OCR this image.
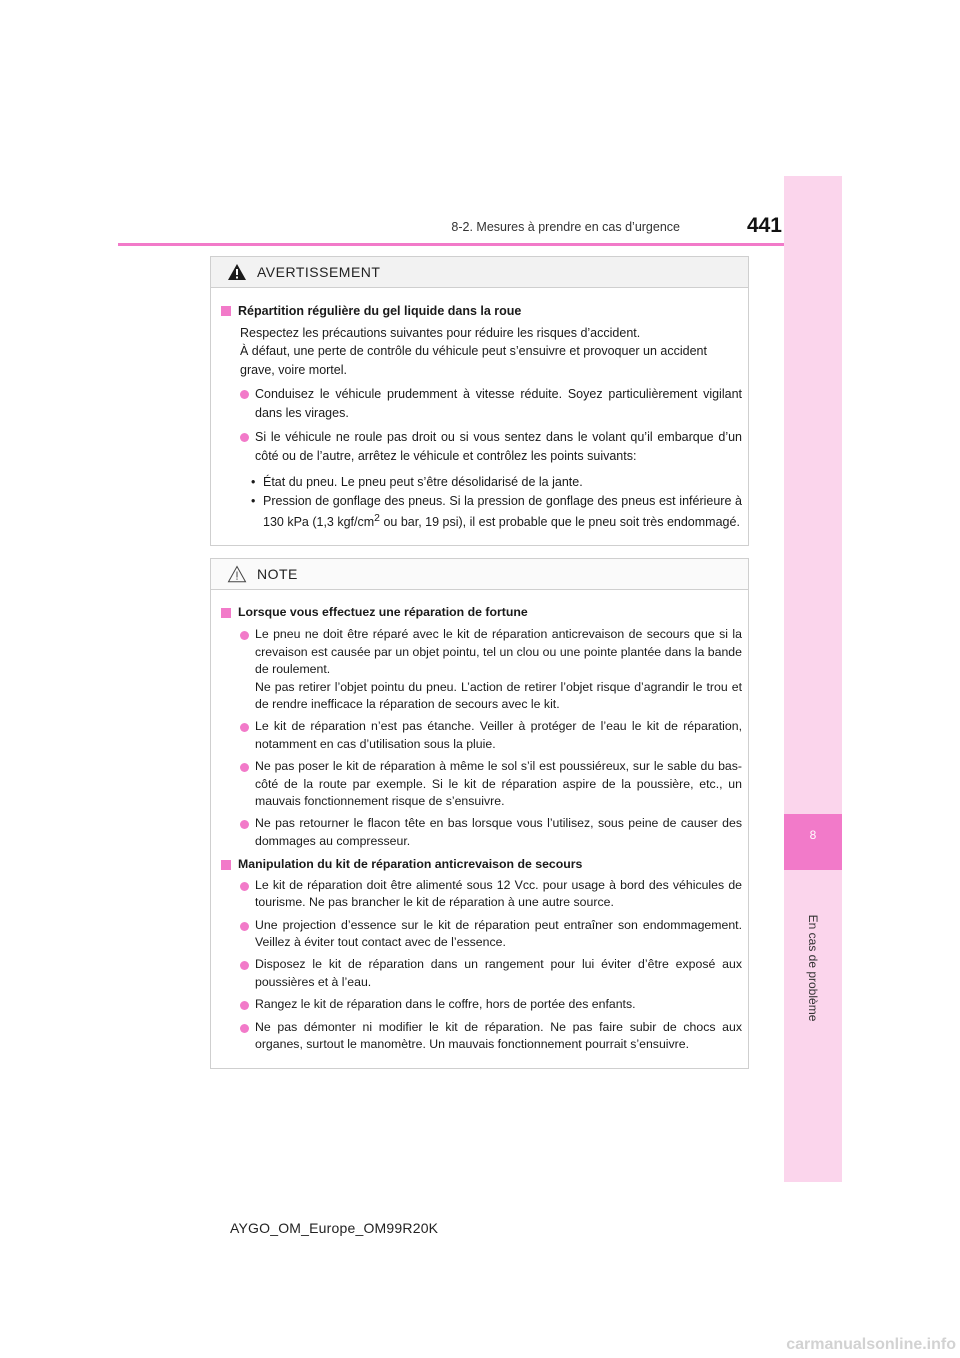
8-2. Mesures à prendre en cas d’urgence	441
8
En cas de problème
AVERTISSEMENT
Répartition régulière du gel liquide dans la roue
Respectez les précautions suivantes pour réduire les risques d’accident.
À défaut, une perte de contrôle du véhicule peut s’ensuivre et provoquer un accident grave, voire mortel.
Conduisez le véhicule prudemment à vitesse réduite. Soyez particulièrement vigilant dans les virages.
Si le véhicule ne roule pas droit ou si vous sentez dans le volant qu’il embarque d’un côté ou de l’autre, arrêtez le véhicule et contrôlez les points suivants:
• État du pneu. Le pneu peut s’être désolidarisé de la jante.
• Pression de gonflage des pneus. Si la pression de gonflage des pneus est inférieure à 130 kPa (1,3 kgf/$cm^2$ ou bar, 19 psi), il est probable que le pneu soit très endommagé.
NOTE
Lorsque vous effectuez une réparation de fortune
Le pneu ne doit être réparé avec le kit de réparation anticrevaison de secours que si la crevaison est causée par un objet pointu, tel un clou ou une pointe plantée dans la bande de roulement.
Ne pas retirer l’objet pointu du pneu. L’action de retirer l’objet risque d’agrandir le trou et de rendre inefficace la réparation de secours avec le kit.
Le kit de réparation n’est pas étanche. Veiller à protéger de l’eau le kit de réparation, notamment en cas d’utilisation sous la pluie.
Ne pas poser le kit de réparation à même le sol s’il est poussiéreux, sur le sable du bas-côté de la route par exemple. Si le kit de réparation aspire de la poussière, etc., un mauvais fonctionnement risque de s’ensuivre.
Ne pas retourner le flacon tête en bas lorsque vous l’utilisez, sous peine de causer des dommages au compresseur.
Manipulation du kit de réparation anticrevaison de secours
Le kit de réparation doit être alimenté sous 12 Vcc. pour usage à bord des véhicules de tourisme. Ne pas brancher le kit de réparation à une autre source.
Une projection d’essence sur le kit de réparation peut entraîner son endommagement. Veillez à éviter tout contact avec de l’essence.
Disposez le kit de réparation dans un rangement pour lui éviter d’être exposé aux poussières et à l’eau.
Rangez le kit de réparation dans le coffre, hors de portée des enfants.
Ne pas démonter ni modifier le kit de réparation. Ne pas faire subir de chocs aux organes, surtout le manomètre. Un mauvais fonctionnement pourrait s’ensuivre.
AYGO_OM_Europe_OM99R20K
carmanualsonline.info
